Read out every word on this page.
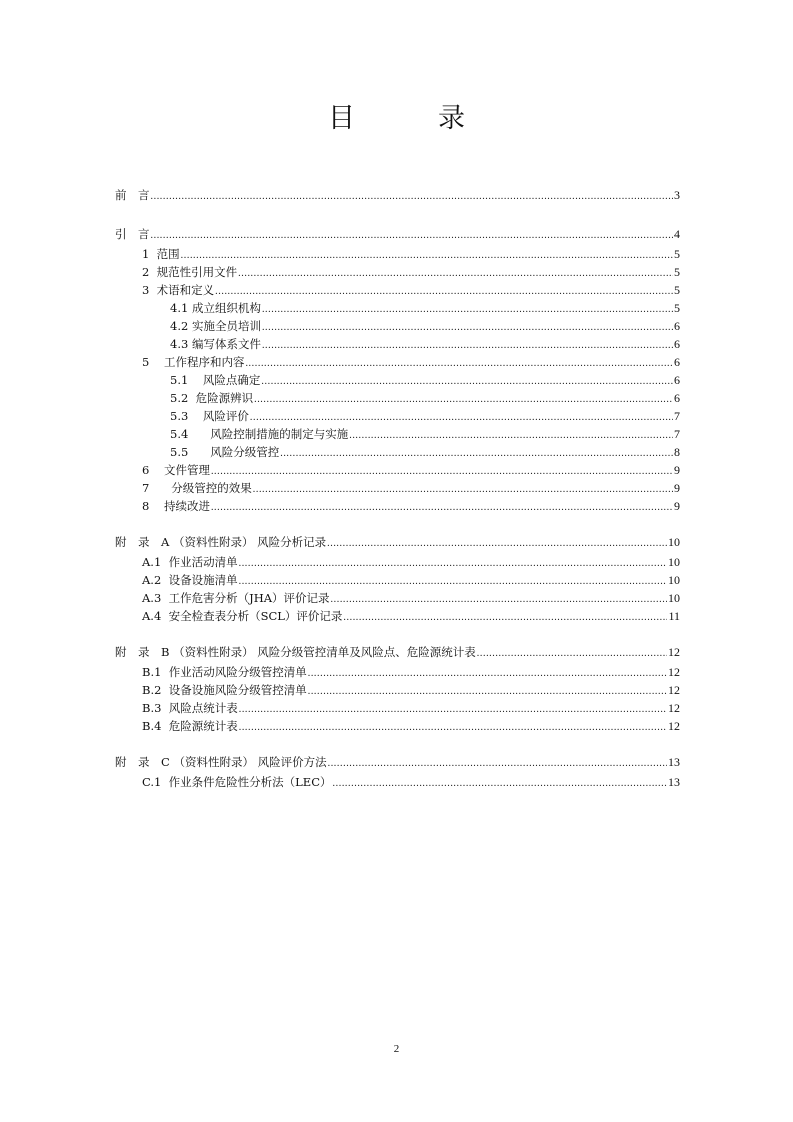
目　录
前　言 .....	3
引　言 .....	4
1  范围 .....	5
2  规范性引用文件 .....	5
3  术语和定义 .....	5
4.1 成立组织机构 .....	5
4.2 实施全员培训 .....	6
4.3 编写体系文件 .....	6
5    工作程序和内容 .....	6
5.1    风险点确定 .....	6
5.2  危险源辨识 .....	6
5.3    风险评价 .....	7
5.4      风险控制措施的制定与实施 .....	7
5.5      风险分级管控 .....	8
6    文件管理 .....	9
7      分级管控的效果 .....	9
8    持续改进 .....	9
附　录　A （资料性附录） 风险分析记录 .....	10
A.1  作业活动清单 .....	10
A.2  设备设施清单 .....	10
A.3  工作危害分析（JHA）评价记录 .....	10
A.4  安全检查表分析（SCL）评价记录 .....	11
附　录　B （资料性附录） 风险分级管控清单及风险点、危险源统计表 .....	12
B.1  作业活动风险分级管控清单 .....	12
B.2  设备设施风险分级管控清单 .....	12
B.3  风险点统计表 .....	12
B.4  危险源统计表 .....	12
附　录　C （资料性附录） 风险评价方法 .....	13
C.1  作业条件危险性分析法（LEC） .....	13
2
